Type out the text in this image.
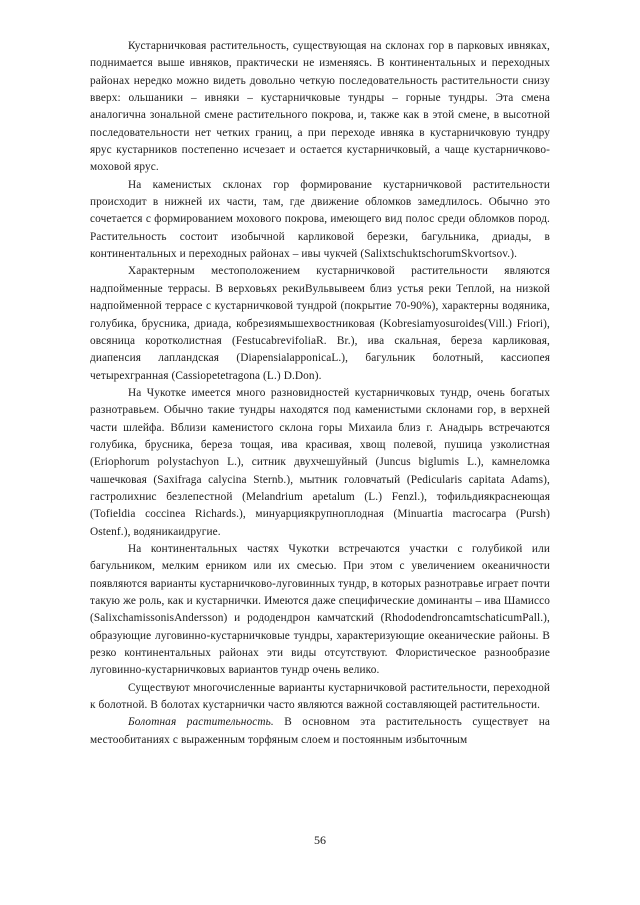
Кустарничковая растительность, существующая на склонах гор в парковых ивняках, поднимается выше ивняков, практически не изменяясь. В континентальных и переходных районах нередко можно видеть довольно четкую последовательность растительности снизу вверх: ольшаники – ивняки – кустарничковые тундры – горные тундры. Эта смена аналогична зональной смене растительного покрова, и, также как в этой смене, в высотной последовательности нет четких границ, а при переходе ивняка в кустарничковую тундру ярус кустарников постепенно исчезает и остается кустарничковый, а чаще кустарничково-моховой ярус.

На каменистых склонах гор формирование кустарничковой растительности происходит в нижней их части, там, где движение обломков замедлилось. Обычно это сочетается с формированием мохового покрова, имеющего вид полос среди обломков пород. Растительность состоит изобычной карликовой березки, багульника, дриады, в континентальных и переходных районах – ивы чукчей (SalixtschuktschorumSkvortsov.).

Характерным местоположением кустарничковой растительности являются надпойменные террасы. В верховьях рекиВульвывеем близ устья реки Теплой, на низкой надпойменной террасе с кустарничковой тундрой (покрытие 70-90%), характерны водяника, голубика, брусника, дриада, кобрезиямышехвостниковая (Kobresiamyosuroides(Vill.) Friori), овсяница коротколистная (FestucabrevifoliaR. Br.), ива скальная, береза карликовая, диапенсия лапландская (DiapensialapponicaL.), багульник болотный, кассиопея четырехгранная (Cassiopetetragona (L.) D.Don).

На Чукотке имеется много разновидностей кустарничковых тундр, очень богатых разнотравьем. Обычно такие тундры находятся под каменистыми склонами гор, в верхней части шлейфа. Вблизи каменистого склона горы Михаила близ г. Анадырь встречаются голубика, брусника, береза тощая, ива красивая, хвощ полевой, пушица узколистная (Eriophorum polystachyon L.), ситник двухчешуйный (Juncus biglumis L.), камнеломка чашечковая (Saxifraga calycina Sternb.), мытник головчатый (Pedicularis capitata Adams), гастролихнис безлепестной (Melandrium apetalum (L.) Fenzl.), тофильдиякраснеющая (Tofieldia coccinea Richards.), минуарциякрупноплодная (Minuartia macrocarpa (Pursh) Ostenf.), водяникаидругие.

На континентальных частях Чукотки встречаются участки с голубикой или багульником, мелким ерником или их смесью. При этом с увеличением океаничности появляются варианты кустарничково-луговинных тундр, в которых разнотравье играет почти такую же роль, как и кустарнички. Имеются даже специфические доминанты – ива Шамиссо (SalixchamissonisAndersson) и рододендрон камчатский (RhododendroncamtschaticumPall.), образующие луговинно-кустарничковые тундры, характеризующие океанические районы. В резко континентальных районах эти виды отсутствуют. Флористическое разнообразие луговинно-кустарничковых вариантов тундр очень велико.

Существуют многочисленные варианты кустарничковой растительности, переходной к болотной. В болотах кустарнички часто являются важной составляющей растительности.

Болотная растительность. В основном эта растительность существует на местообитаниях с выраженным торфяным слоем и постоянным избыточным

56
